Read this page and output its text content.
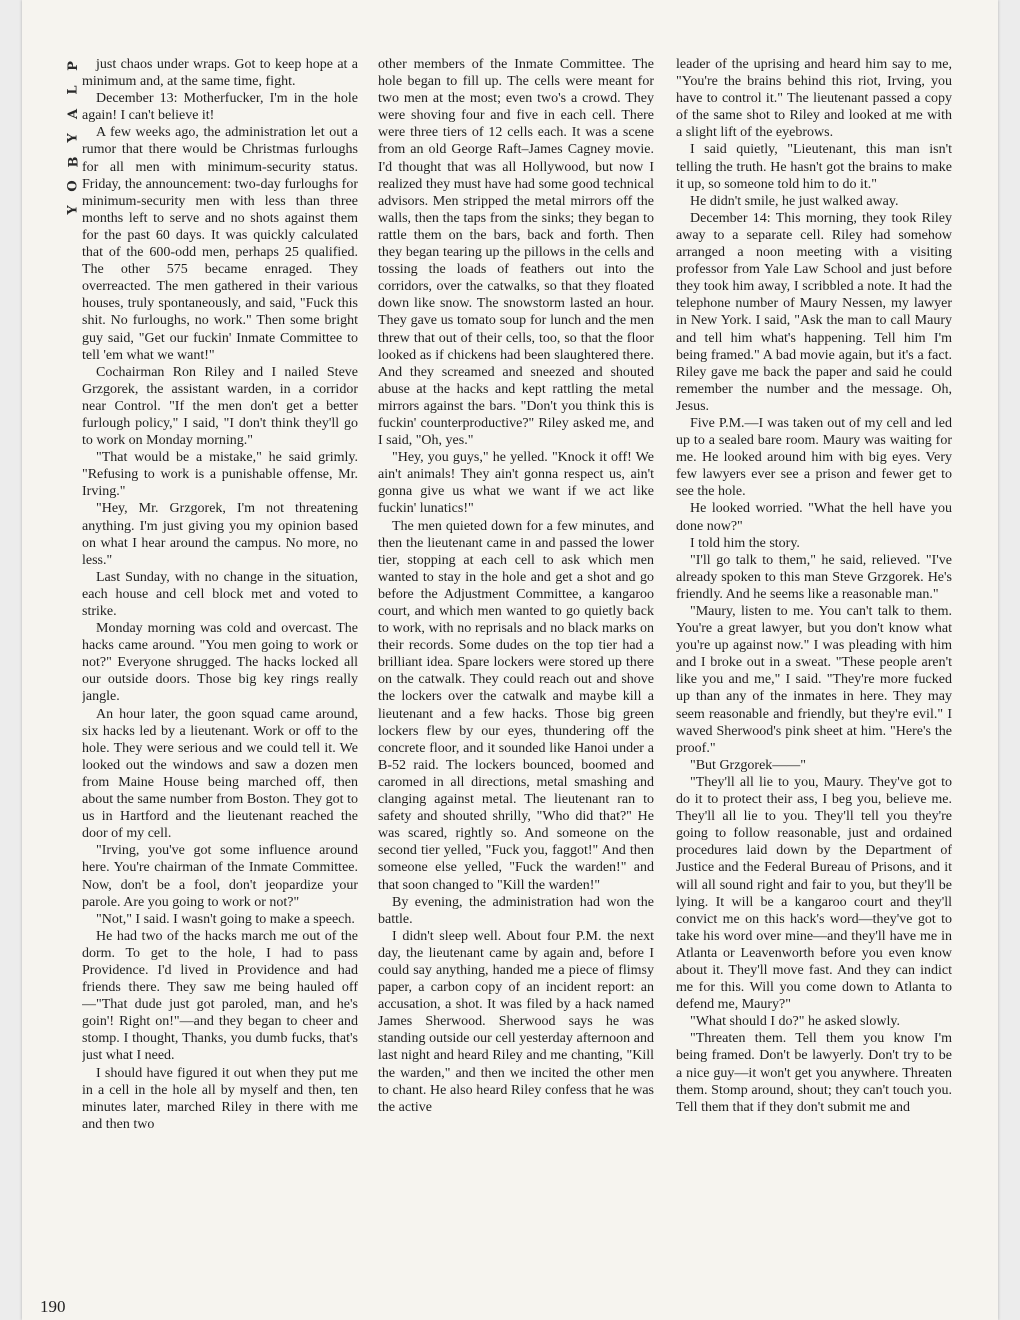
P
L
A
Y
B
O
Y

just chaos under wraps. Got to keep hope at a minimum and, at the same time, fight.

December 13: Motherfucker, I'm in the hole again! I can't believe it!

A few weeks ago, the administration let out a rumor that there would be Christmas furloughs for all men with minimum-security status. Friday, the announcement: two-day furloughs for minimum-security men with less than three months left to serve and no shots against them for the past 60 days. It was quickly calculated that of the 600-odd men, perhaps 25 qualified. The other 575 became enraged. They overreacted. The men gathered in their various houses, truly spontaneously, and said, "Fuck this shit. No furloughs, no work." Then some bright guy said, "Get our fuckin' Inmate Committee to tell 'em what we want!"

Cochairman Ron Riley and I nailed Steve Grzgorek, the assistant warden, in a corridor near Control. "If the men don't get a better furlough policy," I said, "I don't think they'll go to work on Monday morning."

"That would be a mistake," he said grimly. "Refusing to work is a punishable offense, Mr. Irving."

"Hey, Mr. Grzgorek, I'm not threatening anything. I'm just giving you my opinion based on what I hear around the campus. No more, no less."

Last Sunday, with no change in the situation, each house and cell block met and voted to strike.

Monday morning was cold and overcast. The hacks came around. "You men going to work or not?" Everyone shrugged. The hacks locked all our outside doors. Those big key rings really jangle.

An hour later, the goon squad came around, six hacks led by a lieutenant. Work or off to the hole. They were serious and we could tell it. We looked out the windows and saw a dozen men from Maine House being marched off, then about the same number from Boston. They got to us in Hartford and the lieutenant reached the door of my cell.

"Irving, you've got some influence around here. You're chairman of the Inmate Committee. Now, don't be a fool, don't jeopardize your parole. Are you going to work or not?"

"Not," I said. I wasn't going to make a speech.

He had two of the hacks march me out of the dorm. To get to the hole, I had to pass Providence. I'd lived in Providence and had friends there. They saw me being hauled off—"That dude just got paroled, man, and he's goin'! Right on!"—and they began to cheer and stomp. I thought, Thanks, you dumb fucks, that's just what I need.

I should have figured it out when they put me in a cell in the hole all by myself and then, ten minutes later, marched Riley in there with me and then two

other members of the Inmate Committee. The hole began to fill up. The cells were meant for two men at the most; even two's a crowd. They were shoving four and five in each cell. There were three tiers of 12 cells each. It was a scene from an old George Raft–James Cagney movie. I'd thought that was all Hollywood, but now I realized they must have had some good technical advisors. Men stripped the metal mirrors off the walls, then the taps from the sinks; they began to rattle them on the bars, back and forth. Then they began tearing up the pillows in the cells and tossing the loads of feathers out into the corridors, over the catwalks, so that they floated down like snow. The snowstorm lasted an hour. They gave us tomato soup for lunch and the men threw that out of their cells, too, so that the floor looked as if chickens had been slaughtered there. And they screamed and sneezed and shouted abuse at the hacks and kept rattling the metal mirrors against the bars. "Don't you think this is fuckin' counterproductive?" Riley asked me, and I said, "Oh, yes."

"Hey, you guys," he yelled. "Knock it off! We ain't animals! They ain't gonna respect us, ain't gonna give us what we want if we act like fuckin' lunatics!"

The men quieted down for a few minutes, and then the lieutenant came in and passed the lower tier, stopping at each cell to ask which men wanted to stay in the hole and get a shot and go before the Adjustment Committee, a kangaroo court, and which men wanted to go quietly back to work, with no reprisals and no black marks on their records. Some dudes on the top tier had a brilliant idea. Spare lockers were stored up there on the catwalk. They could reach out and shove the lockers over the catwalk and maybe kill a lieutenant and a few hacks. Those big green lockers flew by our eyes, thundering off the concrete floor, and it sounded like Hanoi under a B-52 raid. The lockers bounced, boomed and caromed in all directions, metal smashing and clanging against metal. The lieutenant ran to safety and shouted shrilly, "Who did that?" He was scared, rightly so. And someone on the second tier yelled, "Fuck you, faggot!" And then someone else yelled, "Fuck the warden!" and that soon changed to "Kill the warden!"

By evening, the administration had won the battle.

I didn't sleep well. About four P.M. the next day, the lieutenant came by again and, before I could say anything, handed me a piece of flimsy paper, a carbon copy of an incident report: an accusation, a shot. It was filed by a hack named James Sherwood. Sherwood says he was standing outside our cell yesterday afternoon and last night and heard Riley and me chanting, "Kill the warden," and then we incited the other men to chant. He also heard Riley confess that he was the active

leader of the uprising and heard him say to me, "You're the brains behind this riot, Irving, you have to control it." The lieutenant passed a copy of the same shot to Riley and looked at me with a slight lift of the eyebrows.

I said quietly, "Lieutenant, this man isn't telling the truth. He hasn't got the brains to make it up, so someone told him to do it."

He didn't smile, he just walked away.

December 14: This morning, they took Riley away to a separate cell. Riley had somehow arranged a noon meeting with a visiting professor from Yale Law School and just before they took him away, I scribbled a note. It had the telephone number of Maury Nessen, my lawyer in New York. I said, "Ask the man to call Maury and tell him what's happening. Tell him I'm being framed." A bad movie again, but it's a fact. Riley gave me back the paper and said he could remember the number and the message. Oh, Jesus.

Five P.M.—I was taken out of my cell and led up to a sealed bare room. Maury was waiting for me. He looked around him with big eyes. Very few lawyers ever see a prison and fewer get to see the hole.

He looked worried. "What the hell have you done now?"

I told him the story.

"I'll go talk to them," he said, relieved. "I've already spoken to this man Steve Grzgorek. He's friendly. And he seems like a reasonable man."

"Maury, listen to me. You can't talk to them. You're a great lawyer, but you don't know what you're up against now." I was pleading with him and I broke out in a sweat. "These people aren't like you and me," I said. "They're more fucked up than any of the inmates in here. They may seem reasonable and friendly, but they're evil." I waved Sherwood's pink sheet at him. "Here's the proof."

"But Grzgorek——"

"They'll all lie to you, Maury. They've got to do it to protect their ass, I beg you, believe me. They'll all lie to you. They'll tell you they're going to follow reasonable, just and ordained procedures laid down by the Department of Justice and the Federal Bureau of Prisons, and it will all sound right and fair to you, but they'll be lying. It will be a kangaroo court and they'll convict me on this hack's word—they've got to take his word over mine—and they'll have me in Atlanta or Leavenworth before you even know about it. They'll move fast. And they can indict me for this. Will you come down to Atlanta to defend me, Maury?"

"What should I do?" he asked slowly.

"Threaten them. Tell them you know I'm being framed. Don't be lawyerly. Don't try to be a nice guy—it won't get you anywhere. Threaten them. Stomp around, shout; they can't touch you. Tell them that if they don't submit me and

190
